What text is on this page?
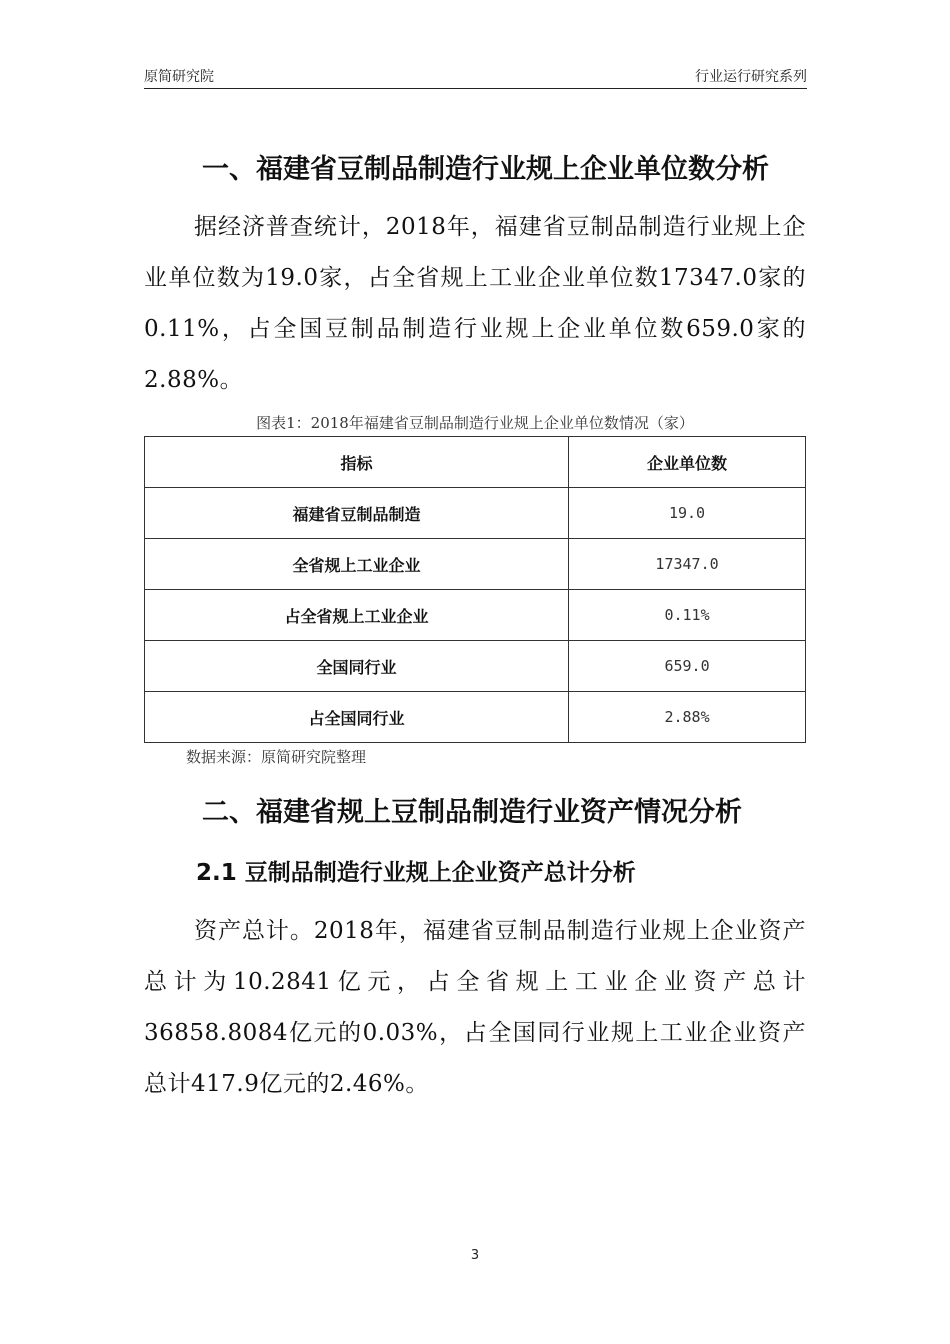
原简研究院	行业运行研究系列
一、福建省豆制品制造行业规上企业单位数分析
据经济普查统计，2018年，福建省豆制品制造行业规上企业单位数为19.0家，占全省规上工业企业单位数17347.0家的0.11%，占全国豆制品制造行业规上企业单位数659.0家的2.88%。
图表1：2018年福建省豆制品制造行业规上企业单位数情况（家）
指标	企业单位数
福建省豆制品制造	19.0
全省规上工业企业	17347.0
占全省规上工业企业	0.11%
全国同行业	659.0
占全国同行业	2.88%
数据来源：原简研究院整理
二、福建省规上豆制品制造行业资产情况分析
2.1 豆制品制造行业规上企业资产总计分析
资产总计。2018年，福建省豆制品制造行业规上企业资产总计为10.2841亿元，占全省规上工业企业资产总计36858.8084亿元的0.03%，占全国同行业规上工业企业资产总计417.9亿元的2.46%。
3
